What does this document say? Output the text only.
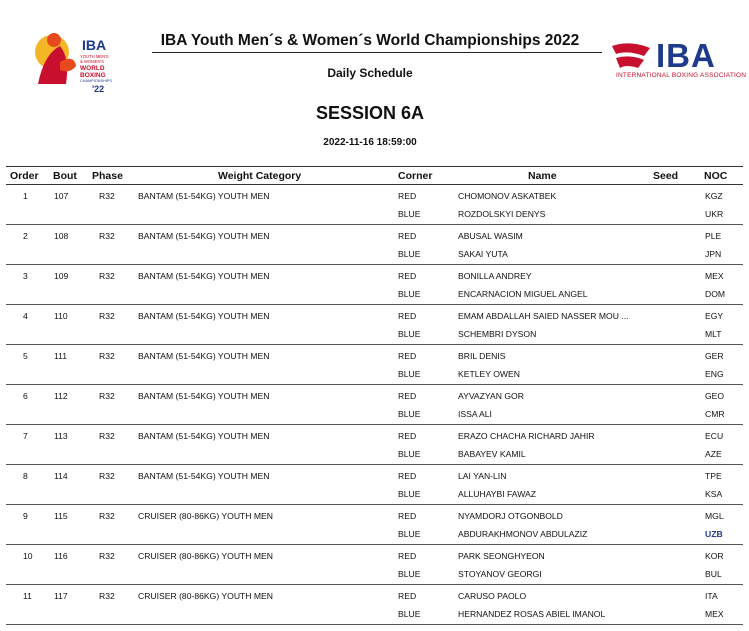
IBA
YOUTH MEN'S
& WOMEN'S
WORLD
BOXING
CHAMPIONSHIPS
'22
IBA Youth Men´s & Women´s World Championships 2022
Daily Schedule	IBA
INTERNATIONAL BOXING ASSOCIATION
SESSION 6A
2022-11-16 18:59:00
Order Bout Phase	Weight Category	Corner	Name	Seed NOC
1	107	R32	BANTAM (51-54KG) YOUTH MEN	RED	CHOMONOV ASKATBEK	KGZ
BLUE	ROZDOLSKYI DENYS	UKR
2	108	R32	BANTAM (51-54KG) YOUTH MEN	RED	ABUSAL WASIM	PLE
BLUE	SAKAI YUTA	JPN
3	109	R32	BANTAM (51-54KG) YOUTH MEN	RED	BONILLA ANDREY	MEX
BLUE	ENCARNACION MIGUEL ANGEL	DOM
4	110	R32	BANTAM (51-54KG) YOUTH MEN	RED	EMAM ABDALLAH SAIED NASSER MOU ...	EGY
BLUE	SCHEMBRI DYSON	MLT
5	111	R32	BANTAM (51-54KG) YOUTH MEN	RED	BRIL DENIS	GER
BLUE	KETLEY OWEN	ENG
6	112	R32	BANTAM (51-54KG) YOUTH MEN	RED	AYVAZYAN GOR	GEO
BLUE	ISSA ALI	CMR
7	113	R32	BANTAM (51-54KG) YOUTH MEN	RED	ERAZO CHACHA RICHARD JAHIR	ECU
BLUE	BABAYEV KAMIL	AZE
8	114	R32	BANTAM (51-54KG) YOUTH MEN	RED	LAI YAN-LIN	TPE
BLUE	ALLUHAYBI FAWAZ	KSA
9	115	R32	CRUISER (80-86KG) YOUTH MEN	RED	NYAMDORJ OTGONBOLD	MGL
BLUE	ABDURAKHMONOV ABDULAZIZ	UZB
10 116	R32	CRUISER (80-86KG) YOUTH MEN	RED	PARK SEONGHYEON	KOR
BLUE	STOYANOV GEORGI	BUL
11	117	R32	CRUISER (80-86KG) YOUTH MEN	RED	CARUSO PAOLO	ITA
BLUE	HERNANDEZ ROSAS ABIEL IMANOL	MEX
